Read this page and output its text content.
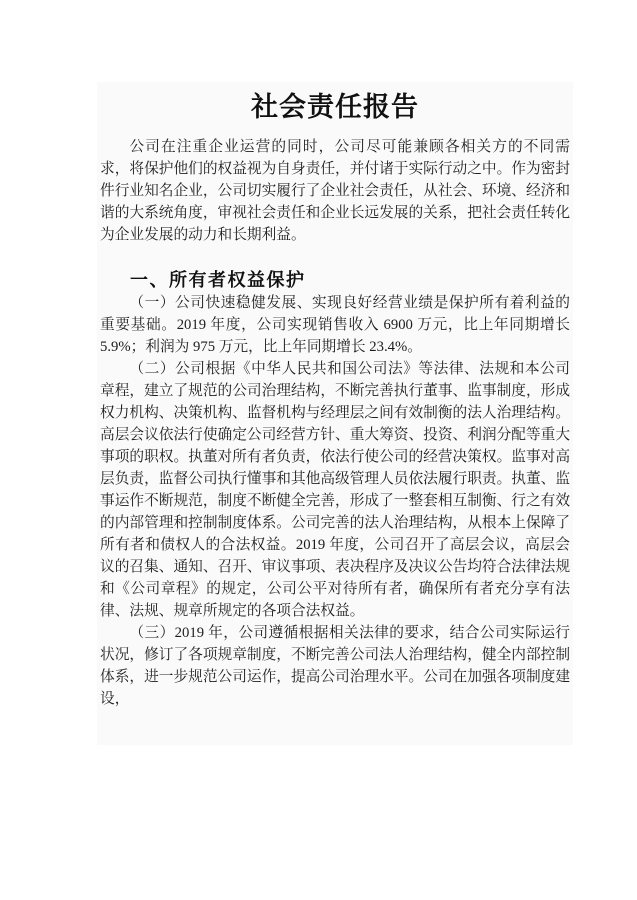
社会责任报告

公司在注重企业运营的同时，公司尽可能兼顾各相关方的不同需求，将保护他们的权益视为自身责任，并付诸于实际行动之中。作为密封件行业知名企业，公司切实履行了企业社会责任，从社会、环境、经济和谐的大系统角度，审视社会责任和企业长远发展的关系，把社会责任转化为企业发展的动力和长期利益。

一、所有者权益保护

（一）公司快速稳健发展、实现良好经营业绩是保护所有着利益的重要基础。2019 年度，公司实现销售收入 6900 万元，比上年同期增长 5.9%；利润为 975 万元，比上年同期增长 23.4%。

（二）公司根据《中华人民共和国公司法》等法律、法规和本公司章程，建立了规范的公司治理结构，不断完善执行董事、监事制度，形成权力机构、决策机构、监督机构与经理层之间有效制衡的法人治理结构。高层会议依法行使确定公司经营方针、重大筹资、投资、利润分配等重大事项的职权。执董对所有者负责，依法行使公司的经营决策权。监事对高层负责，监督公司执行懂事和其他高级管理人员依法履行职责。执董、监事运作不断规范，制度不断健全完善，形成了一整套相互制衡、行之有效的内部管理和控制制度体系。公司完善的法人治理结构，从根本上保障了所有者和债权人的合法权益。2019 年度，公司召开了高层会议，高层会议的召集、通知、召开、审议事项、表决程序及决议公告均符合法律法规和《公司章程》的规定，公司公平对待所有者，确保所有者充分享有法律、法规、规章所规定的各项合法权益。

（三）2019 年，公司遵循根据相关法律的要求，结合公司实际运行状况，修订了各项规章制度，不断完善公司法人治理结构，健全内部控制体系，进一步规范公司运作，提高公司治理水平。公司在加强各项制度建设，
